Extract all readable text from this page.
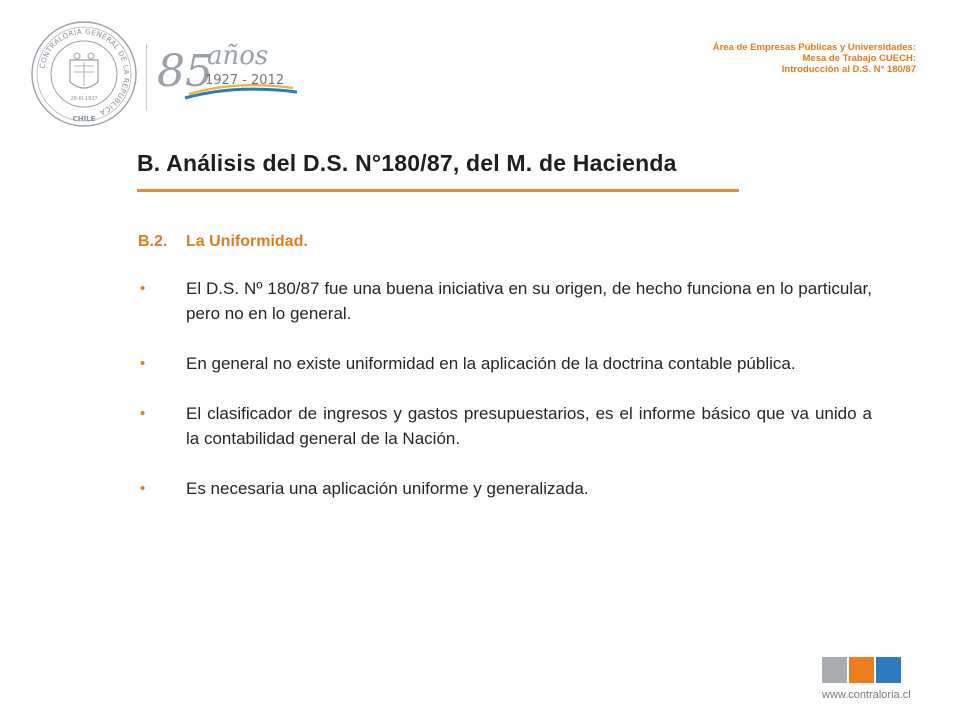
CONTRALORIA GENERAL DE LA REPUBLICA
CHILE
26-III-1927
85
años
1927 - 2012
Área de Empresas Públicas y Universidades:
Mesa de Trabajo CUECH:
Introducción al D.S. N° 180/87
B. Análisis del D.S. N°180/87, del M. de Hacienda
B.2. La Uniformidad.
• El D.S. Nº 180/87 fue una buena iniciativa en su origen, de hecho funciona en lo particular, pero no en lo general.
• En general no existe uniformidad en la aplicación de la doctrina contable pública.
• El clasificador de ingresos y gastos presupuestarios, es el informe básico que va unido a la contabilidad general de la Nación.
• Es necesaria una aplicación uniforme y generalizada.
www.contraloria.cl
